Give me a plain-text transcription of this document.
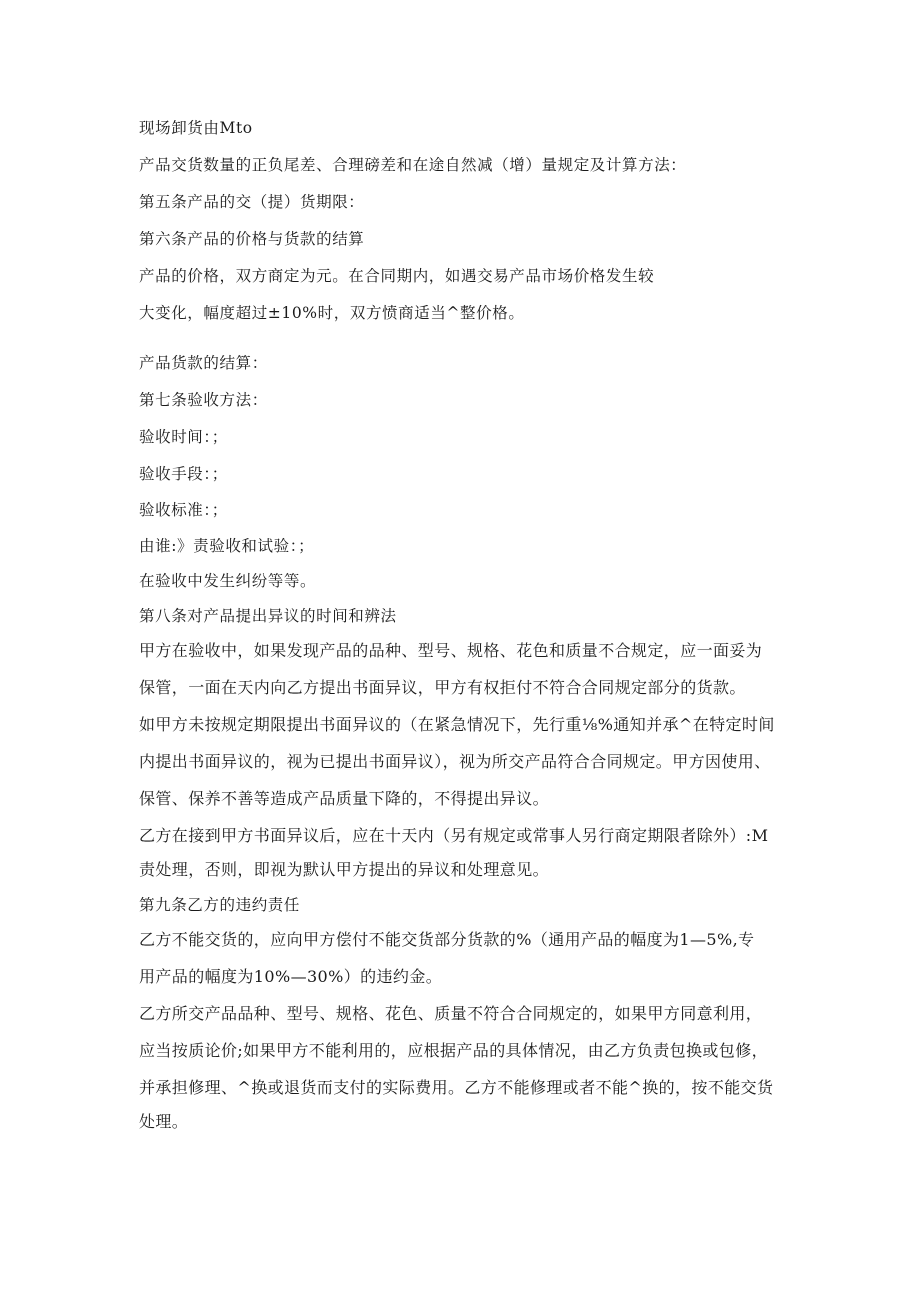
现场卸货由Mto
产品交货数量的正负尾差、合理磅差和在途自然减（增）量规定及计算方法：
第五条产品的交（提）货期限：
第六条产品的价格与货款的结算
产品的价格，双方商定为元。在合同期内，如遇交易产品市场价格发生较
大变化，幅度超过±10%时，双方愤商适当^整价格。
产品货款的结算：
第七条验收方法：
验收时间：；
验收手段：；
验收标准：；
由谁:》责验收和试验：；
在验收中发生纠纷等等。
第八条对产品提出异议的时间和辨法
甲方在验收中，如果发现产品的品种、型号、规格、花色和质量不合规定，应一面妥为
保管，一面在天内向乙方提出书面异议，甲方有权拒付不符合合同规定部分的货款。
如甲方未按规定期限提出书面异议的（在紧急情况下，先行重⅛%通知并承^在特定时间
内提出书面异议的，视为已提出书面异议），视为所交产品符合合同规定。甲方因使用、
保管、保养不善等造成产品质量下降的，不得提出异议。
乙方在接到甲方书面异议后，应在十天内（另有规定或常事人另行商定期限者除外）:M
责处理，否则，即视为默认甲方提出的异议和处理意见。
第九条乙方的违约责任
乙方不能交货的，应向甲方偿付不能交货部分货款的%（通用产品的幅度为1—5%,专
用产品的幅度为10%—30%）的违约金。
乙方所交产品品种、型号、规格、花色、质量不符合合同规定的，如果甲方同意利用，
应当按质论价;如果甲方不能利用的，应根据产品的具体情况，由乙方负责包换或包修，
并承担修理、^换或退货而支付的实际费用。乙方不能修理或者不能^换的，按不能交货
处理。
